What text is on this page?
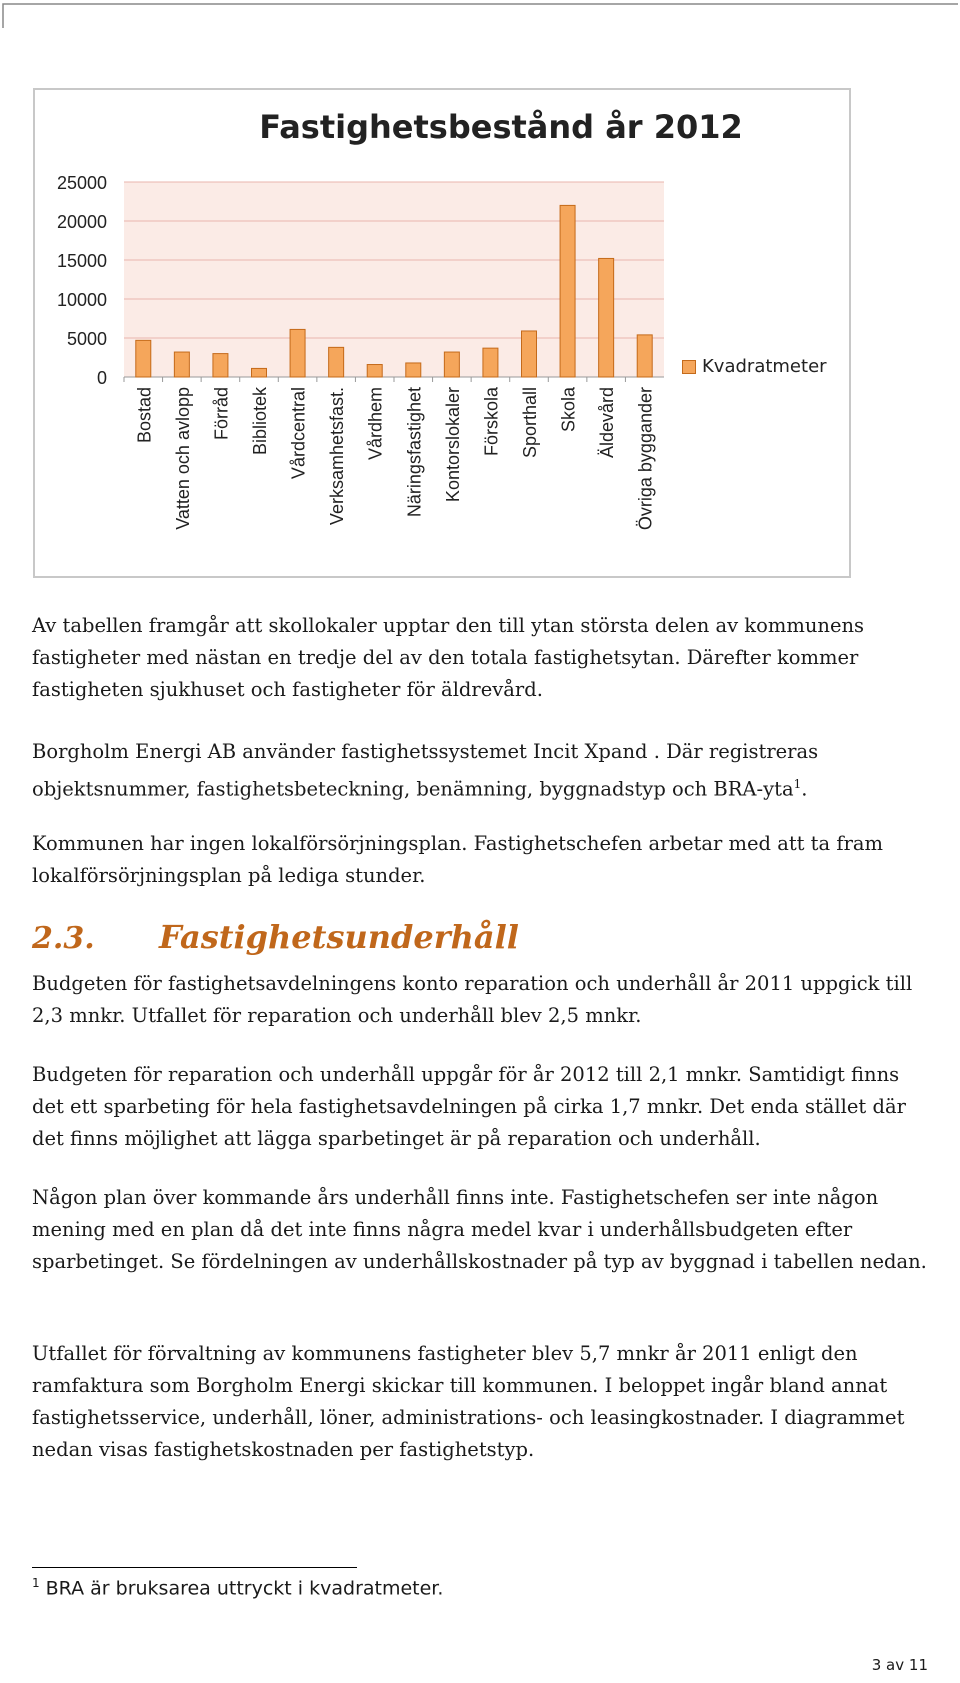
Fastighetsbestånd år 2012
0
5000
10000
15000
20000
25000
Bostad Vatten och avlopp Förråd Bibliotek Vårdcentral Verksamhetsfast. Vårdhem Näringsfastighet Kontorslokaler Förskola Sporthall Skola Äldevård Övriga byggander
Kvadratmeter

Av tabellen framgår att skollokaler upptar den till ytan största delen av kommunens fastigheter med nästan en tredje del av den totala fastighetsytan. Därefter kommer fastigheten sjukhuset och fastigheter för äldrevård.

Borgholm Energi AB använder fastighetssystemet Incit Xpand . Där registreras objektsnummer, fastighetsbeteckning, benämning, byggnadstyp och BRA-yta$^1$.

Kommunen har ingen lokalförsörjningsplan. Fastighetschefen arbetar med att ta fram lokalförsörjningsplan på lediga stunder.

2.3.	Fastighetsunderhåll

Budgeten för fastighetsavdelningens konto reparation och underhåll år 2011 uppgick till 2,3 mnkr. Utfallet för reparation och underhåll blev 2,5 mnkr.

Budgeten för reparation och underhåll uppgår för år 2012 till 2,1 mnkr. Samtidigt finns det ett sparbeting för hela fastighetsavdelningen på cirka 1,7 mnkr. Det enda stället där det finns möjlighet att lägga sparbetinget är på reparation och underhåll.

Någon plan över kommande års underhåll finns inte. Fastighetschefen ser inte någon mening med en plan då det inte finns några medel kvar i underhållsbudgeten efter sparbetinget. Se fördelningen av underhållskostnader på typ av byggnad i tabellen nedan.

Utfallet för förvaltning av kommunens fastigheter blev 5,7 mnkr år 2011 enligt den ramfaktura som Borgholm Energi skickar till kommunen. I beloppet ingår bland annat fastighetsservice, underhåll, löner, administrations- och leasingkostnader. I diagrammet nedan visas fastighetskostnaden per fastighetstyp.

$^1$ BRA är bruksarea uttryckt i kvadratmeter.
3 av 11
